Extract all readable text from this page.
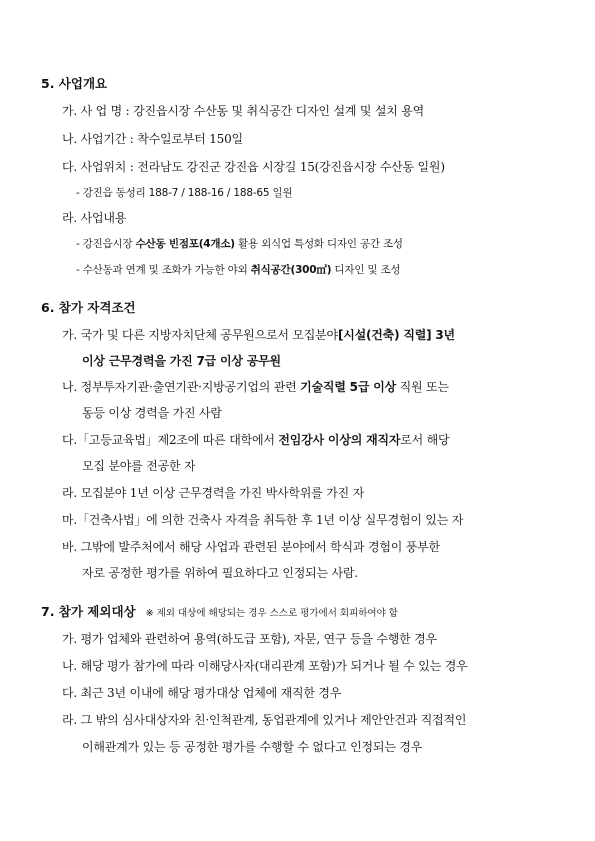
5. 사업개요
가. 사 업 명 : 강진읍시장 수산동 및 취식공간 디자인 설계 및 설치 용역
나. 사업기간 : 착수일로부터 150일
다. 사업위치 : 전라남도 강진군 강진읍 시장길 15(강진읍시장 수산동 일원)
- 강진읍 동성리 188-7 / 188-16 / 188-65 일원
라. 사업내용
- 강진읍시장 수산동 빈점포(4개소) 활용 외식업 특성화 디자인 공간 조성
- 수산동과 연계 및 조화가 가능한 야외 취식공간(300㎡) 디자인 및 조성
6. 참가 자격조건
가. 국가 및 다른 지방자치단체 공무원으로서 모집분야[시설(건축) 직렬] 3년
이상 근무경력을 가진 7급 이상 공무원
나. 정부투자기관·출연기관·지방공기업의 관련 기술직렬 5급 이상 직원 또는
동등 이상 경력을 가진 사람
다.「고등교육법」제2조에 따른 대학에서 전임강사 이상의 재직자로서 해당
모집 분야를 전공한 자
라. 모집분야 1년 이상 근무경력을 가진 박사학위를 가진 자
마.「건축사법」에 의한 건축사 자격을 취득한 후 1년 이상 실무경험이 있는 자
바. 그밖에 발주처에서 해당 사업과 관련된 분야에서 학식과 경험이 풍부한
자로 공정한 평가를 위하여 필요하다고 인정되는 사람.
7. 참가 제외대상 ※ 제외 대상에 해당되는 경우 스스로 평가에서 회피하여야 함
가. 평가 업체와 관련하여 용역(하도급 포함), 자문, 연구 등을 수행한 경우
나. 해당 평가 참가에 따라 이해당사자(대리관계 포함)가 되거나 될 수 있는 경우
다. 최근 3년 이내에 해당 평가대상 업체에 재직한 경우
라. 그 밖의 심사대상자와 친·인척관계, 동업관계에 있거나 제안안건과 직접적인
이해관계가 있는 등 공정한 평가를 수행할 수 없다고 인정되는 경우
